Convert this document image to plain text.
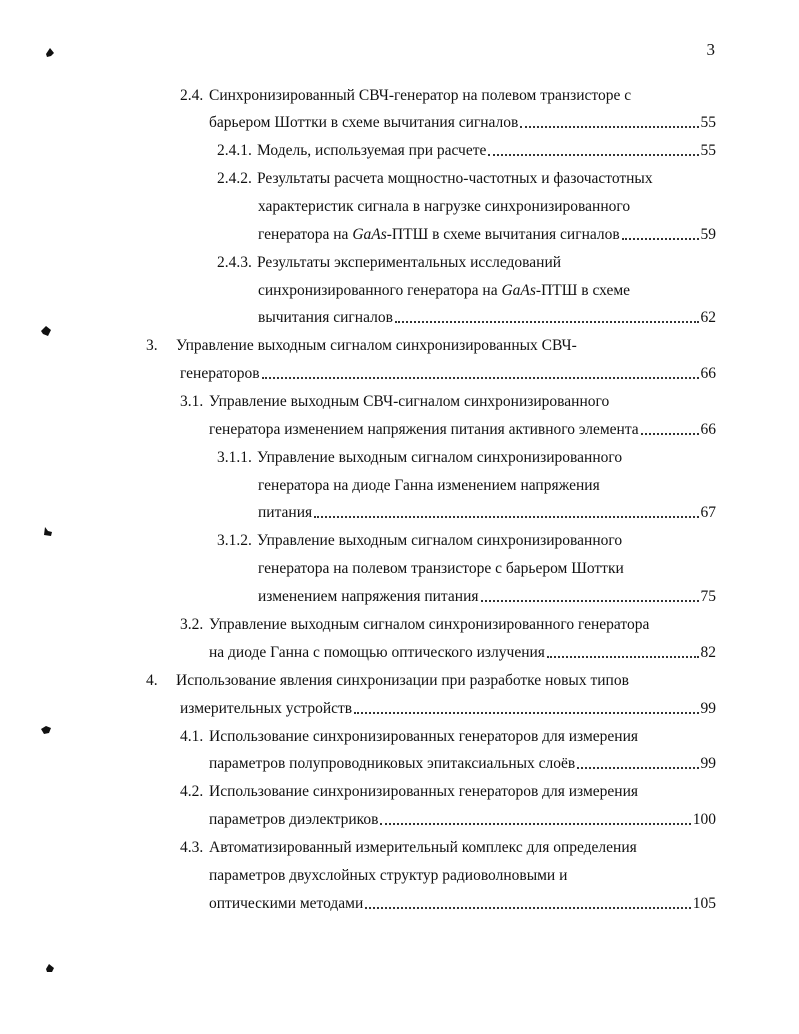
3
2.4. Синхронизированный СВЧ-генератор на полевом транзисторе с
барьером Шоттки в схеме вычитания сигналов	55
2.4.1. Модель, используемая при расчете	55
2.4.2. Результаты расчета мощностно-частотных и фазочастотных
характеристик сигнала в нагрузке синхронизированного
генератора на GaAs-ПТШ в схеме вычитания сигналов	59
2.4.3. Результаты экспериментальных исследований
синхронизированного генератора на GaAs-ПТШ в схеме
вычитания сигналов	62
3.	Управление выходным сигналом синхронизированных СВЧ-
генераторов	66
3.1. Управление выходным СВЧ-сигналом синхронизированного
генератора изменением напряжения питания активного элемента	66
3.1.1. Управление выходным сигналом синхронизированного
генератора на диоде Ганна изменением напряжения
питания	67
3.1.2. Управление выходным сигналом синхронизированного
генератора на полевом транзисторе с барьером Шоттки
изменением напряжения питания	75
3.2. Управление выходным сигналом синхронизированного генератора
на диоде Ганна с помощью оптического излучения	82
4.	Использование явления синхронизации при разработке новых типов
измерительных устройств	99
4.1. Использование синхронизированных генераторов для измерения
параметров полупроводниковых эпитаксиальных слоёв	99
4.2. Использование синхронизированных генераторов для измерения
параметров диэлектриков	100
4.3. Автоматизированный измерительный комплекс для определения
параметров двухслойных структур радиоволновыми и
оптическими методами	105
